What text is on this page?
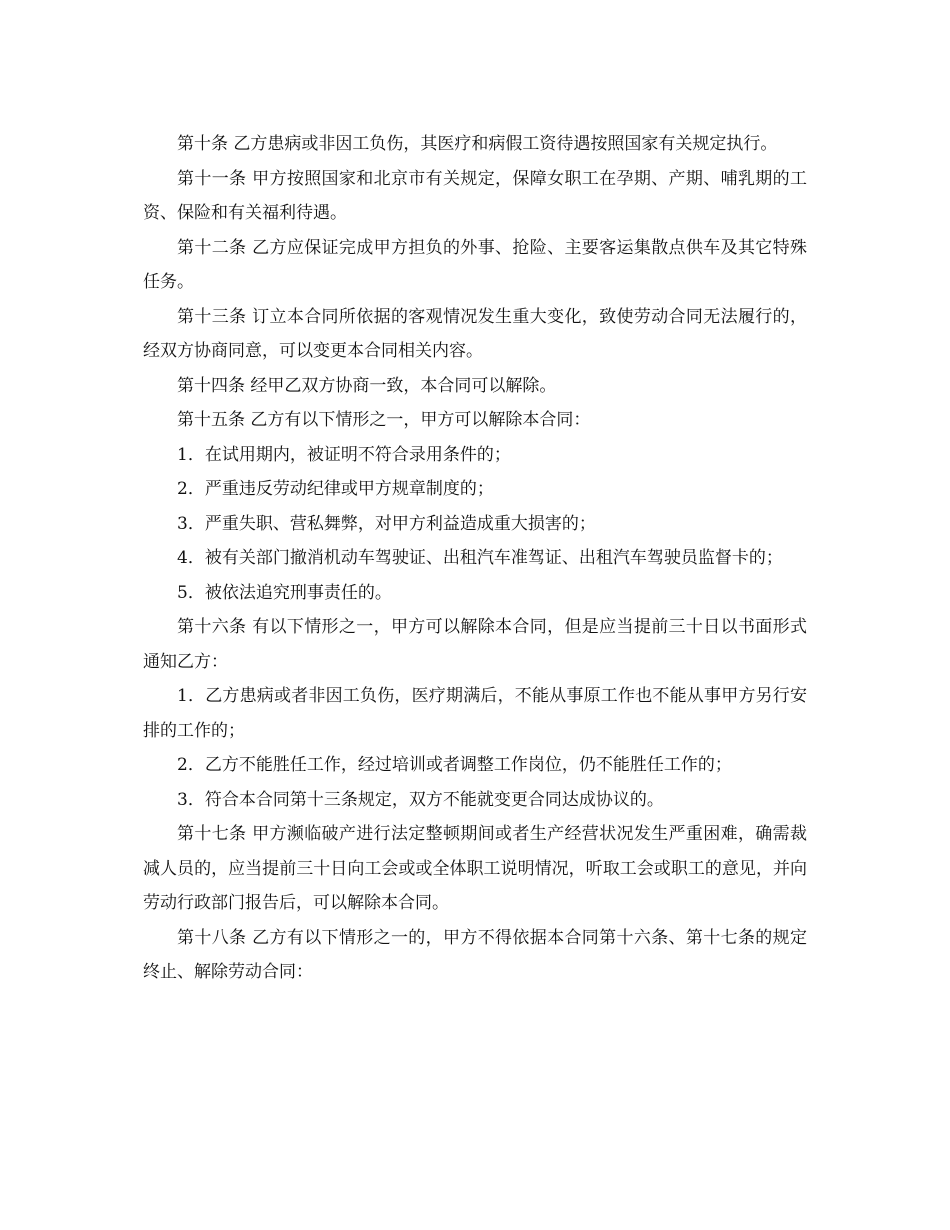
第十条 乙方患病或非因工负伤，其医疗和病假工资待遇按照国家有关规定执行。

第十一条 甲方按照国家和北京市有关规定，保障女职工在孕期、产期、哺乳期的工资、保险和有关福利待遇。

第十二条 乙方应保证完成甲方担负的外事、抢险、主要客运集散点供车及其它特殊任务。

第十三条 订立本合同所依据的客观情况发生重大变化，致使劳动合同无法履行的，经双方协商同意，可以变更本合同相关内容。

第十四条 经甲乙双方协商一致，本合同可以解除。

第十五条 乙方有以下情形之一，甲方可以解除本合同：

1．在试用期内，被证明不符合录用条件的；

2．严重违反劳动纪律或甲方规章制度的；

3．严重失职、营私舞弊，对甲方利益造成重大损害的；

4．被有关部门撤消机动车驾驶证、出租汽车准驾证、出租汽车驾驶员监督卡的；

5．被依法追究刑事责任的。

第十六条 有以下情形之一，甲方可以解除本合同，但是应当提前三十日以书面形式通知乙方：

1．乙方患病或者非因工负伤，医疗期满后，不能从事原工作也不能从事甲方另行安排的工作的；

2．乙方不能胜任工作，经过培训或者调整工作岗位，仍不能胜任工作的；

3．符合本合同第十三条规定，双方不能就变更合同达成协议的。

第十七条 甲方濒临破产进行法定整顿期间或者生产经营状况发生严重困难，确需裁减人员的，应当提前三十日向工会或或全体职工说明情况，听取工会或职工的意见，并向劳动行政部门报告后，可以解除本合同。

第十八条 乙方有以下情形之一的，甲方不得依据本合同第十六条、第十七条的规定终止、解除劳动合同：
